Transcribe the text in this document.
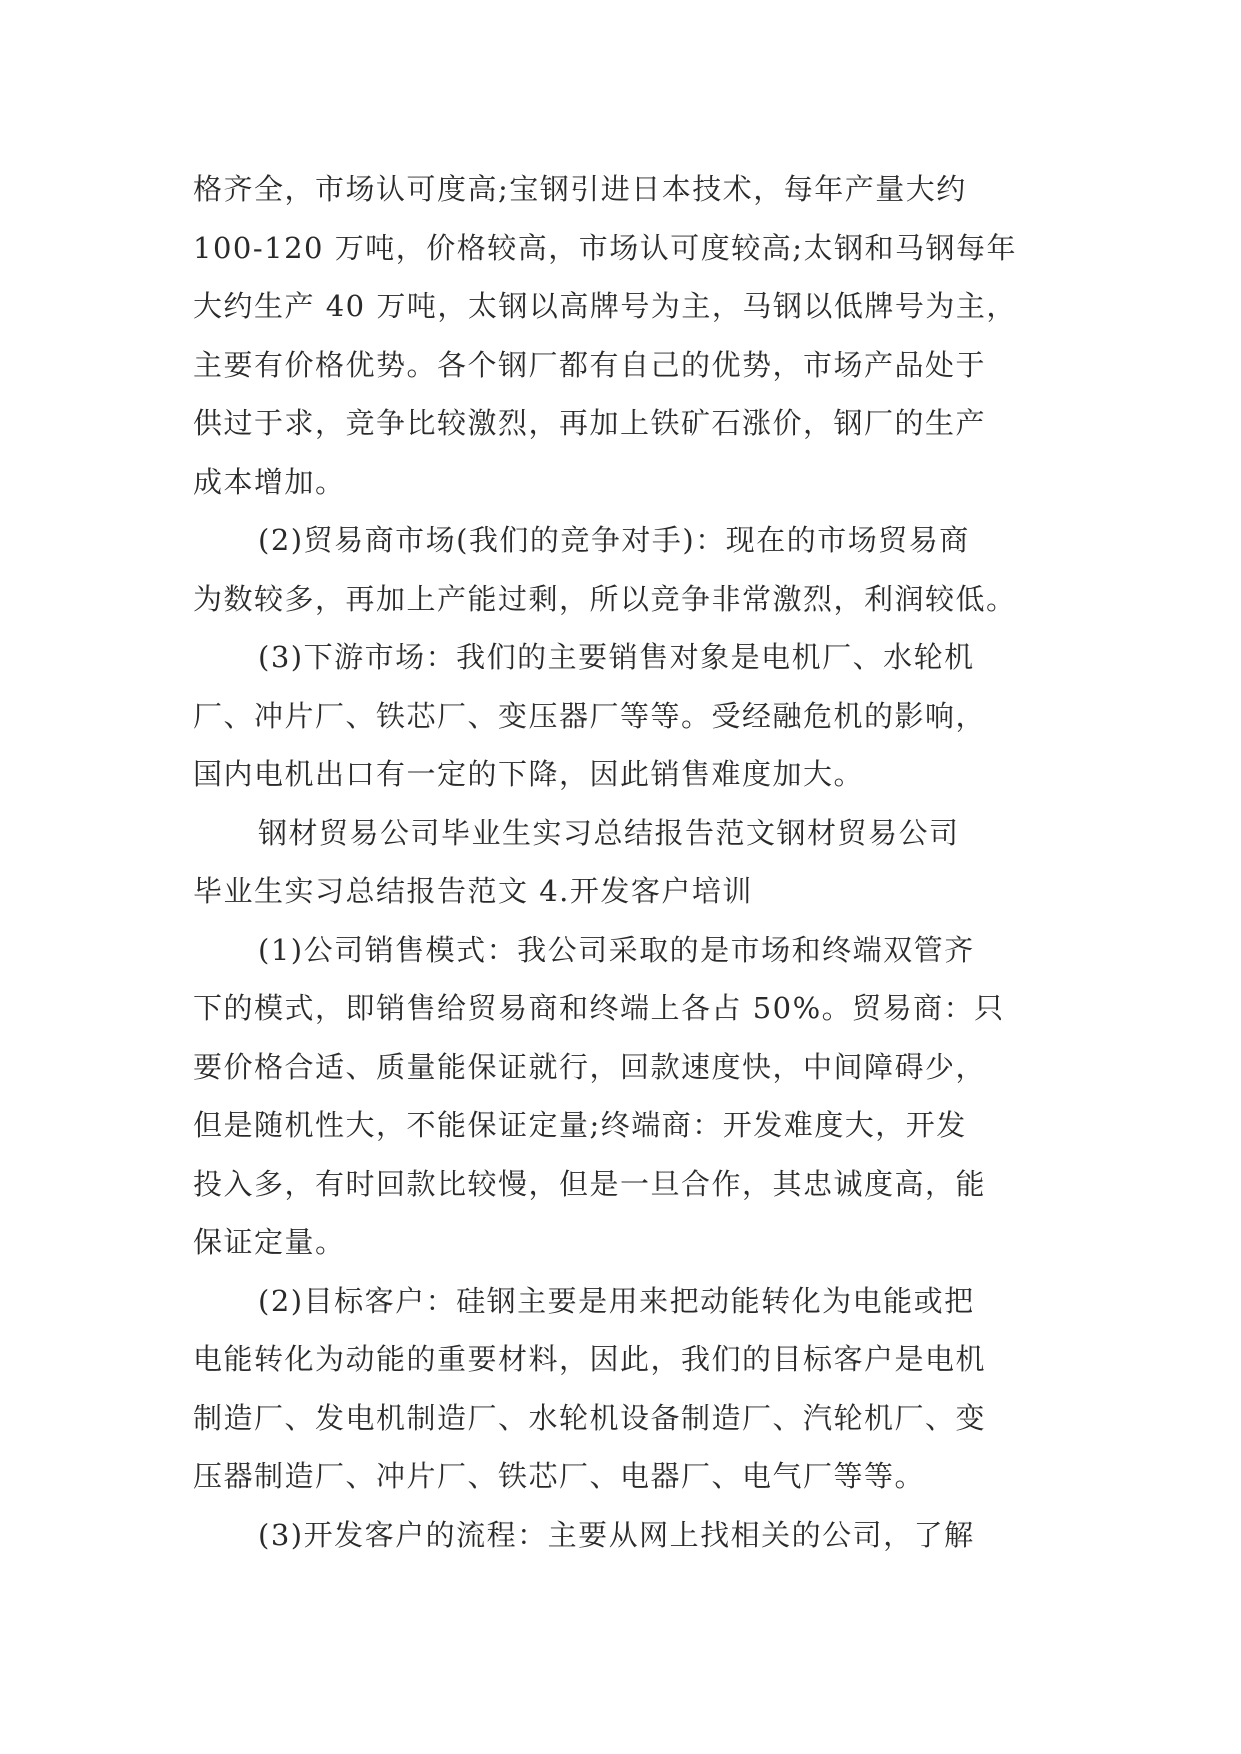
格齐全，市场认可度高;宝钢引进日本技术，每年产量大约
100-120 万吨，价格较高，市场认可度较高;太钢和马钢每年
大约生产 40 万吨，太钢以高牌号为主，马钢以低牌号为主，
主要有价格优势。各个钢厂都有自己的优势，市场产品处于
供过于求，竞争比较激烈，再加上铁矿石涨价，钢厂的生产
成本增加。
(2)贸易商市场(我们的竞争对手)：现在的市场贸易商
为数较多，再加上产能过剩，所以竞争非常激烈，利润较低。
(3)下游市场：我们的主要销售对象是电机厂、水轮机
厂、冲片厂、铁芯厂、变压器厂等等。受经融危机的影响，
国内电机出口有一定的下降，因此销售难度加大。
钢材贸易公司毕业生实习总结报告范文钢材贸易公司
毕业生实习总结报告范文 4.开发客户培训
(1)公司销售模式：我公司采取的是市场和终端双管齐
下的模式，即销售给贸易商和终端上各占 50%。贸易商：只
要价格合适、质量能保证就行，回款速度快，中间障碍少，
但是随机性大，不能保证定量;终端商：开发难度大，开发
投入多，有时回款比较慢，但是一旦合作，其忠诚度高，能
保证定量。
(2)目标客户：硅钢主要是用来把动能转化为电能或把
电能转化为动能的重要材料，因此，我们的目标客户是电机
制造厂、发电机制造厂、水轮机设备制造厂、汽轮机厂、变
压器制造厂、冲片厂、铁芯厂、电器厂、电气厂等等。
(3)开发客户的流程：主要从网上找相关的公司，了解
